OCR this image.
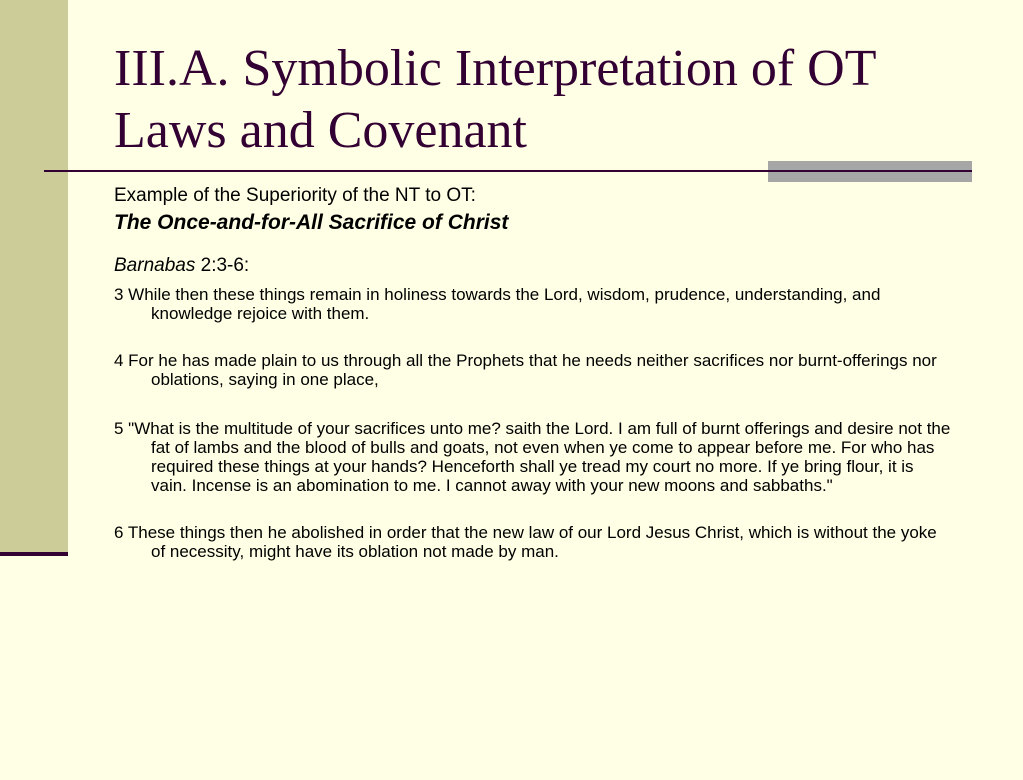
III.A. Symbolic Interpretation of OT Laws and Covenant

Example of the Superiority of the NT to OT:

The Once-and-for-All Sacrifice of Christ

Barnabas 2:3-6:

3 While then these things remain in holiness towards the Lord, wisdom, prudence, understanding, and knowledge rejoice with them.

4 For he has made plain to us through all the Prophets that he needs neither sacrifices nor burnt-offerings nor oblations, saying in one place,

5 "What is the multitude of your sacrifices unto me? saith the Lord. I am full of burnt offerings and desire not the fat of lambs and the blood of bulls and goats, not even when ye come to appear before me. For who has required these things at your hands? Henceforth shall ye tread my court no more. If ye bring flour, it is vain. Incense is an abomination to me. I cannot away with your new moons and sabbaths."

6 These things then he abolished in order that the new law of our Lord Jesus Christ, which is without the yoke of necessity, might have its oblation not made by man.
